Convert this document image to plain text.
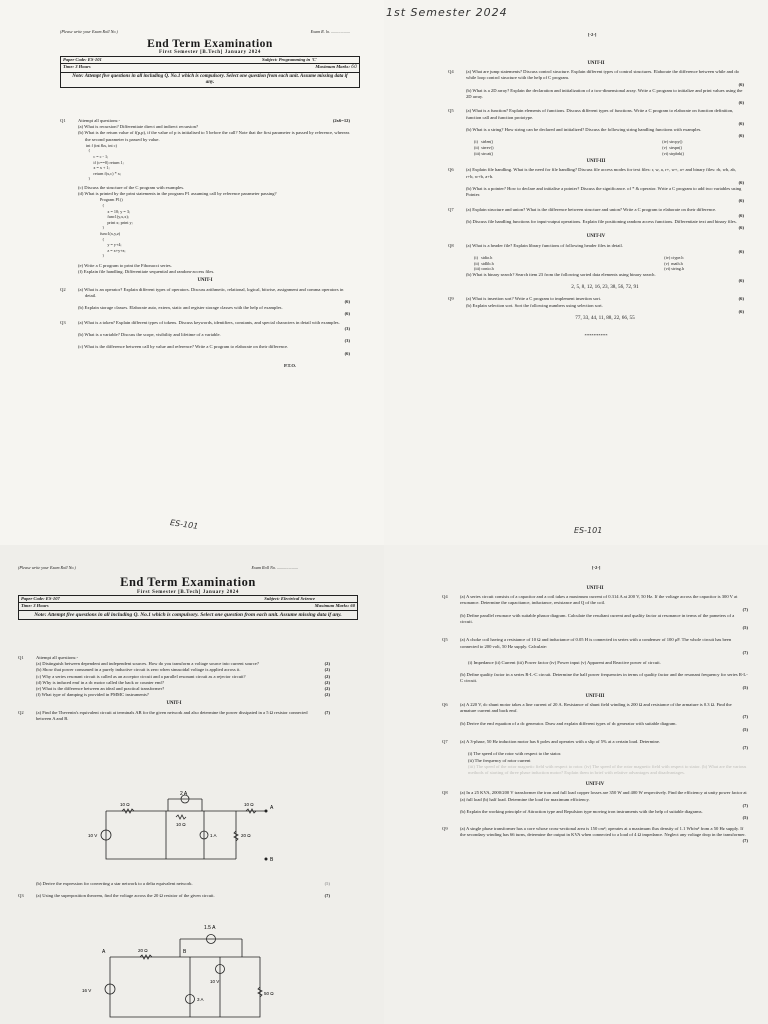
(Please write your Exam Roll No.)	Exam R. lo. ..................
End Term Examination
First Semester [B.Tech] January 2024
Paper Code: ES-101	Subject: Programming in 'C'
Time: 3 Hours	Maximum Marks: 60
Note: Attempt five questions in all including Q. No.1 which is compulsory. Select one question from each unit. Assume missing data if any.
Q1	(2x6=12)
Attempt all questions:-
(a) What is recursion? Differentiate direct and indirect recursion?
(b) What is the return value of f(p,p), if the value of p is initialised to 5 before the call? Note that the first parameter is passed by reference, whereas the second parameter is passed by value.
int f (int &x, int c)
{
c = c - 1;
if (c==0) return 1;
x = x + 1;
return f(x,c) * x;
}
(c) Discuss the structure of the C program with examples.
(d) What is printed by the print statements in the program P1 assuming call by reference parameter passing?
Program P1()
{
x = 10; y = 3;
func1(y,x,x);
print x; print y;
}
func1(x,y,z)
{
y = y+4;
z = x+y+z;
}
(e) Write a C program to print the Fibonacci series.
(f) Explain file handling. Differentiate sequential and random-access files.
UNIT-I
Q2	(a) What is an operator? Explain different types of operators. Discuss arithmetic, relational, logical, bitwise, assignment and comma operators in detail.
(6)
(b) Explain storage classes. Elaborate auto, extern, static and register storage classes with the help of examples.
(6)
Q3	(a) What is a token? Explain different types of tokens. Discuss keywords, identifiers, constants, and special characters in detail with examples.
(3)
(b) What is a variable? Discuss the scope, visibility and lifetime of a variable.
(3)
(c) What is the difference between call by value and reference? Write a C program to elaborate on their difference.
(6)
P.T.O.
ES-101
1st Semester 2024
[-2-]
UNIT-II
Q4	(a) What are jump statements? Discuss control structure. Explain different types of control structures. Elaborate the difference between while and do while loop control structure with the help of C program.
(6)
(b) What is a 2D array? Explain the declaration and initialization of a two-dimensional array. Write a C program to initialize and print values using the 2D array.
(6)
Q5	(a) What is a function? Explain elements of functions. Discuss different types of functions. Write a C program to elaborate on function definition, function call and function prototype.
(6)
(b) What is a string? How string can be declared and initialized? Discuss the following string handling functions with examples.
(6)
(i)   strlen()
(ii)  strrev()
(iii) strcat()
(iv) strcpy()
(v)  strspn()
(vi) strpbrk()
UNIT-III
Q6	(a) Explain file handling. What is the need for file handling? Discuss file access modes for text files: r, w, a, r+, w+, a+ and binary files: rb, wb, ab, r+b, w+b, a+b.
(6)
(b) What is a pointer? How to declare and initialise a pointer? Discuss the significance. of * & operator. Write a C program to add two variables using Pointer.
(6)
Q7	(a) Explain structure and union? What is the difference between structure and union? Write a C program to elaborate on their difference.
(6)
(b) Discuss file handling functions for input-output operations. Explain file positioning random access functions. Differentiate text and binary files.
(6)
UNIT-IV
Q8	(a) What is a header file? Explain library functions of following header files in detail.
(6)
(i)   stdio.h
(ii)  stdlib.h
(iii) conio.h
(iv) ctype.h
(v)  math.h
(vi) string.h
(b) What is binary search? Search item 23 from the following sorted data elements using binary search.
(6)
2, 5, 8, 12, 16, 23, 38, 56, 72, 91
Q9	(6)
(a) What is insertion sort? Write a C program to implement insertion sort.
(b) Explain selection sort. Sort the following numbers using selection sort.
(6)
77, 33, 44, 11, 88, 22, 66, 55
**********
ES-101
(Please write your Exam Roll No.)	Exam Roll No. ....................
End Term Examination
First Semester [B.Tech] January 2024
Paper Code: ES-107	Subject: Electrical Science
Time: 3 Hours	Maximum Marks: 60
Note: Attempt five questions in all including Q. No.1 which is compulsory. Select one question from each unit. Assume missing data if any.
Q1	Attempt all questions:-
(2)
(a) Distinguish between dependent and independent sources. How do you transform a voltage source into current source?
(2)
(b) Show that power consumed in a purely inductive circuit is zero when sinusoidal voltage is applied across it.
(2)
(c) Why a series resonant circuit is called as an acceptor circuit and a parallel resonant circuit as a rejector circuit?
(2)
(d) Why is induced emf in a dc motor called the back or counter emf?
(2)
(e) What is the difference between an ideal and practical transformer?
(2)
(f) What type of damping is provided in PMMC instruments?
UNIT-I
Q2	(7)
(a) Find the Thevenin's equivalent circuit at terminals AB for the given network and also determine the power dissipated in a 5 Ω resistor connected between A and B.
2 A
10 Ω
10 Ω
10 Ω
10 V	1 A	20 Ω
A
B
(5)
(b) Derive the expression for converting a star network to a delta equivalent network.
Q3	(7)
(a) Using the superposition theorem, find the voltage across the 20 Ω resistor of the given circuit.
1.5 A
20 Ω
10 V
3 A
50 Ω
16 V
A	B
[-2-]
UNIT-II
Q4	(a) A series circuit consists of a capacitor and a coil takes a maximum current of 0.314 A at 200 V, 50 Hz. If the voltage across the capacitor is 300 V at resonance. Determine the capacitance, inductance, resistance and Q of the coil.
(7)
(b) Define parallel resonace with suitable phasor diagram. Calculate the resultant current and quality factor at resonance in terms of the pameters of a circuit.
(5)
Q5	(a) A choke coil having a resistance of 10 Ω and inductance of 0.05 H is connected in series with a condenser of 100 μF. The whole circuit has been connected to 200 volt, 50 Hz supply. Calculate:
(7)
(i) Impedance (ii) Current (iii) Power factor (iv) Power input (v) Apparent and Reactive power of circuit.
(b) Define quality factor in a series R-L-C circuit. Determine the half power frequencies in terms of quality factor and the resonant frequency for series R-L-C circuit.
(5)
UNIT-III
Q6	(a) A 220 V, dc shunt motor takes a line current of 20 A. Resistance of shunt field winding is 200 Ω and resistance of the armature is 0.3 Ω. Find the armature current and back emf.
(7)
(b) Derive the emf equation of a dc generator. Draw and explain different types of dc generator with suitable diagram.
(5)
Q7	(a) A 3-phase, 50 Hz induction motor has 6 poles and operates with a slip of 5% at a certain load. Determine.
(7)
(i) The speed of the rotor with respect to the stator.
(ii) The frequency of rotor current
(iii) The speed of the rotor magnetic field with respect to rotor. (iv) The speed of the rotor magnetic field with respect to stator. (b) What are the various methods of starting of three phase induction motor? Explain them in brief with relative advantages and disadvantages.
UNIT-IV
Q8	(a) In a 25 KVA, 2000/200 V transformer the iron and full load copper losses are 350 W and 400 W respectively. Find the efficiency at unity power factor at (a) full load (b) half load. Determine the load for maximum efficiency.
(7)
(b) Explain the working principle of Attraction type and Repulsion type moving iron instruments with the help of suitable diagrams.
(5)
Q9	(a) A single phase transformer has a core whose cross-sectional area is 150 cm²; operates at a maximum flux density of 1.1 Wb/m² from a 50 Hz supply. If the secondary winding has 66 turns, determine the output in KVA when connected to a load of 4 Ω impedance. Neglect any voltage drop in the transformer.
(7)
